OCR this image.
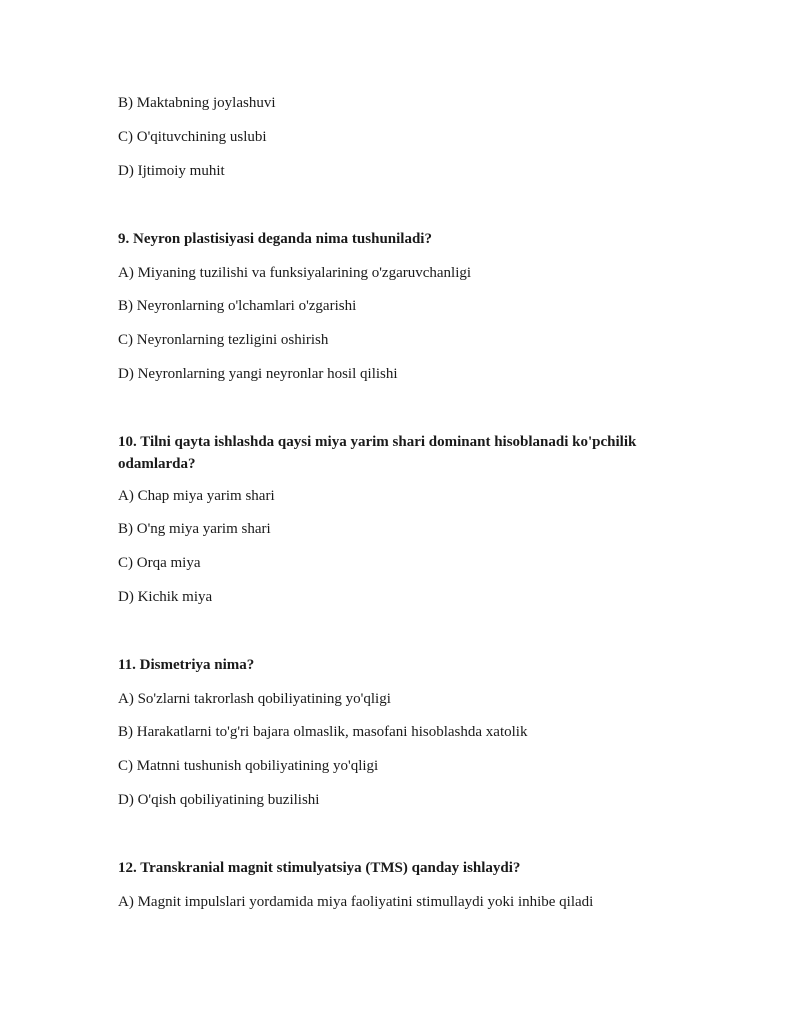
B) Maktabning joylashuvi
C) O'qituvchining uslubi
D) Ijtimoiy muhit
9. Neyron plastisiyasi deganda nima tushuniladi?
A) Miyaning tuzilishi va funksiyalarining o'zgaruvchanligi
B) Neyronlarning o'lchamlari o'zgarishi
C) Neyronlarning tezligini oshirish
D) Neyronlarning yangi neyronlar hosil qilishi
10. Tilni qayta ishlashda qaysi miya yarim shari dominant hisoblanadi ko'pchilik odamlarda?
A) Chap miya yarim shari
B) O'ng miya yarim shari
C) Orqa miya
D) Kichik miya
11. Dismetriya nima?
A) So'zlarni takrorlash qobiliyatining yo'qligi
B) Harakatlarni to'g'ri bajara olmaslik, masofani hisoblashda xatolik
C) Matnni tushunish qobiliyatining yo'qligi
D) O'qish qobiliyatining buzilishi
12. Transkranial magnit stimulyatsiya (TMS) qanday ishlaydi?
A) Magnit impulslari yordamida miya faoliyatini stimullaydi yoki inhibe qiladi
